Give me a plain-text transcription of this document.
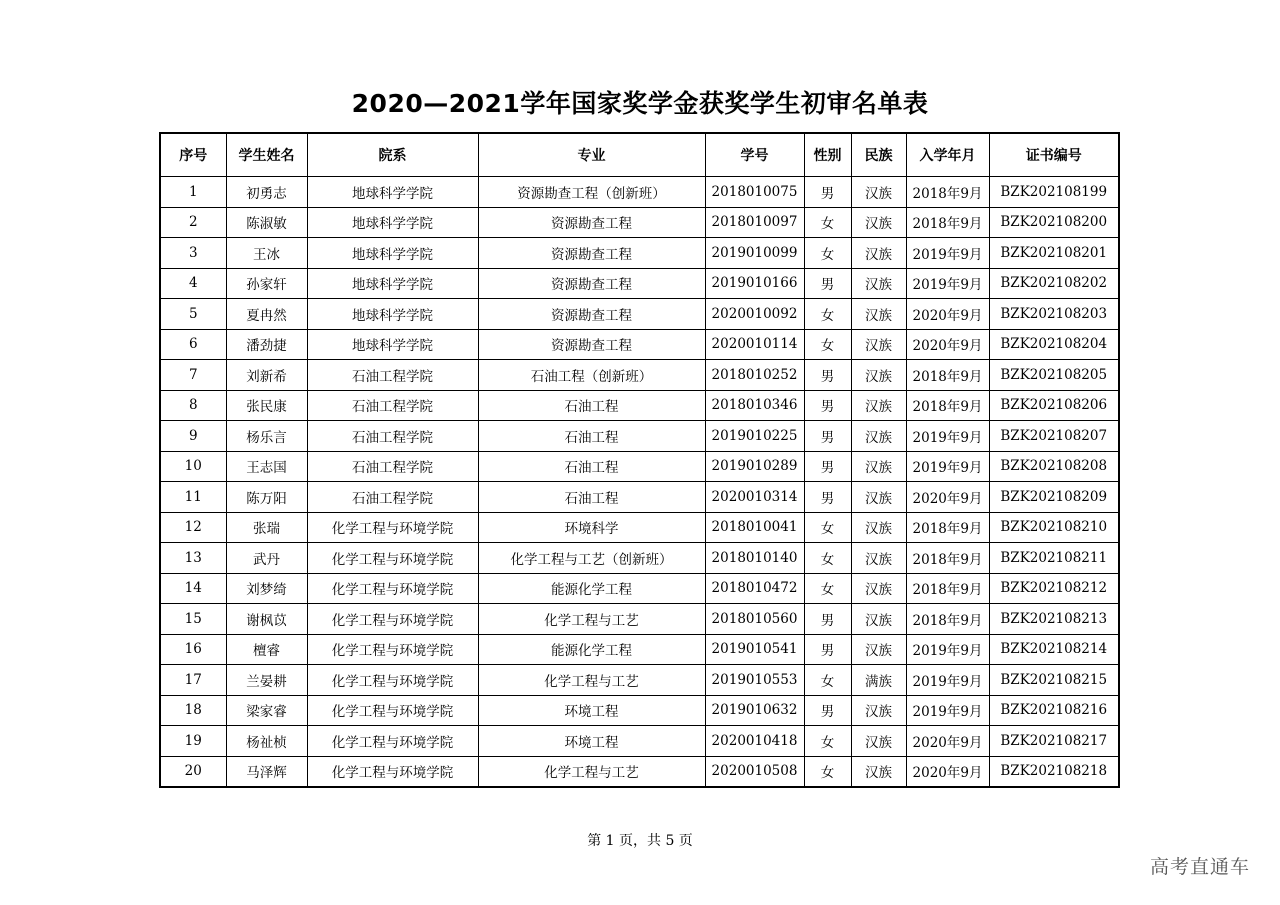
2020—2021学年国家奖学金获奖学生初审名单表
序号	学生姓名	院系	专业	学号	性别	民族	入学年月	证书编号
1	初勇志	地球科学学院	资源勘查工程（创新班）	2018010075	男	汉族	2018年9月	BZK202108199
2	陈淑敏	地球科学学院	资源勘查工程	2018010097	女	汉族	2018年9月	BZK202108200
3	王冰	地球科学学院	资源勘查工程	2019010099	女	汉族	2019年9月	BZK202108201
4	孙家轩	地球科学学院	资源勘查工程	2019010166	男	汉族	2019年9月	BZK202108202
5	夏冉然	地球科学学院	资源勘查工程	2020010092	女	汉族	2020年9月	BZK202108203
6	潘劲捷	地球科学学院	资源勘查工程	2020010114	女	汉族	2020年9月	BZK202108204
7	刘新希	石油工程学院	石油工程（创新班）	2018010252	男	汉族	2018年9月	BZK202108205
8	张民康	石油工程学院	石油工程	2018010346	男	汉族	2018年9月	BZK202108206
9	杨乐言	石油工程学院	石油工程	2019010225	男	汉族	2019年9月	BZK202108207
10	王志国	石油工程学院	石油工程	2019010289	男	汉族	2019年9月	BZK202108208
11	陈万阳	石油工程学院	石油工程	2020010314	男	汉族	2020年9月	BZK202108209
12	张瑞	化学工程与环境学院	环境科学	2018010041	女	汉族	2018年9月	BZK202108210
13	武丹	化学工程与环境学院	化学工程与工艺（创新班）	2018010140	女	汉族	2018年9月	BZK202108211
14	刘梦绮	化学工程与环境学院	能源化学工程	2018010472	女	汉族	2018年9月	BZK202108212
15	谢枫苡	化学工程与环境学院	化学工程与工艺	2018010560	男	汉族	2018年9月	BZK202108213
16	檀睿	化学工程与环境学院	能源化学工程	2019010541	男	汉族	2019年9月	BZK202108214
17	兰晏耕	化学工程与环境学院	化学工程与工艺	2019010553	女	满族	2019年9月	BZK202108215
18	梁家睿	化学工程与环境学院	环境工程	2019010632	男	汉族	2019年9月	BZK202108216
19	杨祉桢	化学工程与环境学院	环境工程	2020010418	女	汉族	2020年9月	BZK202108217
20	马泽辉	化学工程与环境学院	化学工程与工艺	2020010508	女	汉族	2020年9月	BZK202108218
第 1 页，共 5 页
高考直通车
